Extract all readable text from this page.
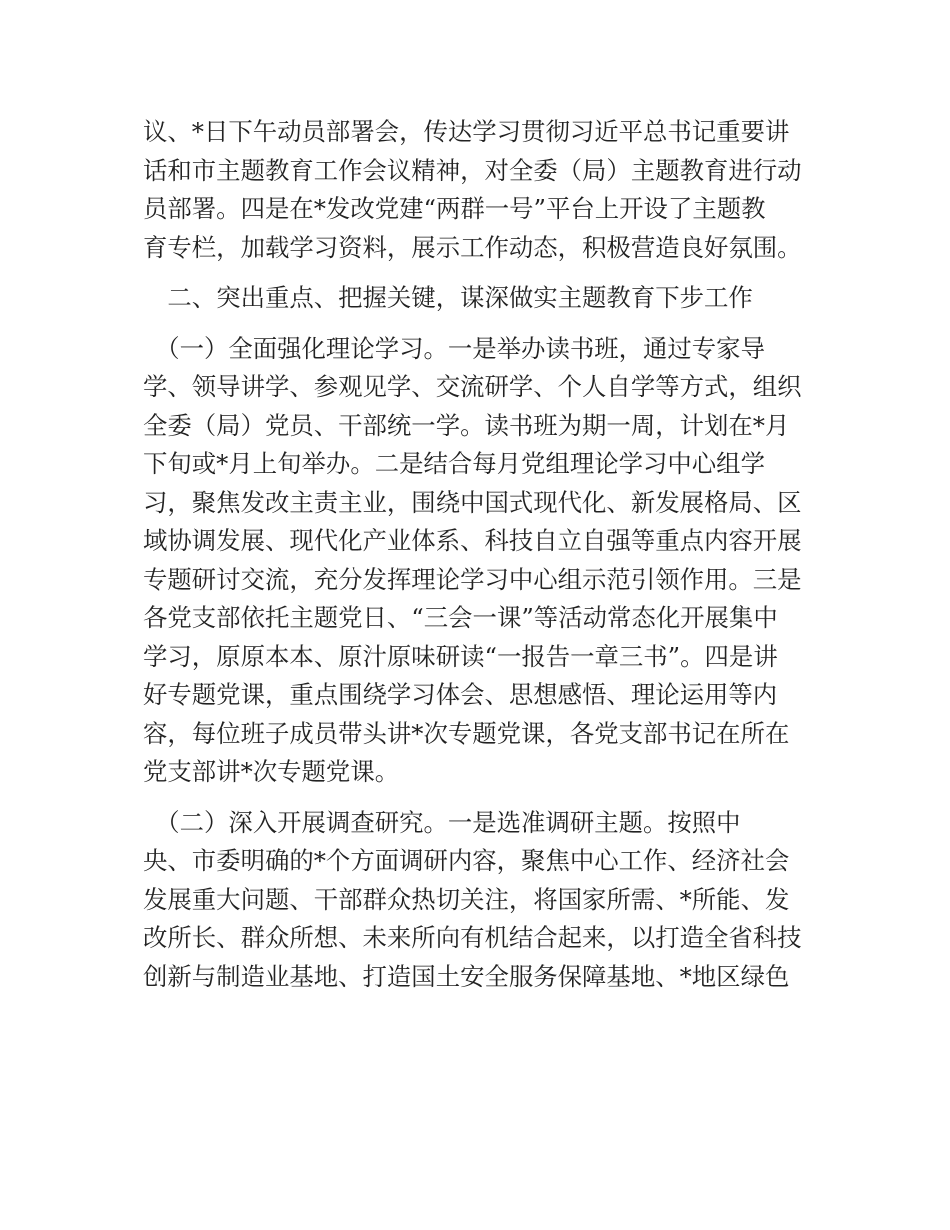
议、*日下午动员部署会，传达学习贯彻习近平总书记重要讲
话和市主题教育工作会议精神，对全委（局）主题教育进行动
员部署。四是在*发改党建“两群一号”平台上开设了主题教
育专栏，加载学习资料，展示工作动态，积极营造良好氛围。
　二、突出重点、把握关键，谋深做实主题教育下步工作
　（一）全面强化理论学习。一是举办读书班，通过专家导
学、领导讲学、参观见学、交流研学、个人自学等方式，组织
全委（局）党员、干部统一学。读书班为期一周，计划在*月
下旬或*月上旬举办。二是结合每月党组理论学习中心组学
习，聚焦发改主责主业，围绕中国式现代化、新发展格局、区
域协调发展、现代化产业体系、科技自立自强等重点内容开展
专题研讨交流，充分发挥理论学习中心组示范引领作用。三是
各党支部依托主题党日、“三会一课”等活动常态化开展集中
学习，原原本本、原汁原味研读“一报告一章三书”。四是讲
好专题党课，重点围绕学习体会、思想感悟、理论运用等内
容，每位班子成员带头讲*次专题党课，各党支部书记在所在
党支部讲*次专题党课。
　（二）深入开展调查研究。一是选准调研主题。按照中
央、市委明确的*个方面调研内容，聚焦中心工作、经济社会
发展重大问题、干部群众热切关注，将国家所需、*所能、发
改所长、群众所想、未来所向有机结合起来，以打造全省科技
创新与制造业基地、打造国土安全服务保障基地、*地区绿色
